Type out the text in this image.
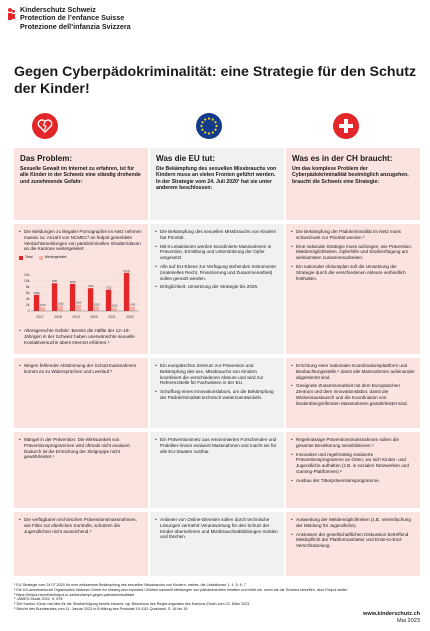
Kinderschutz Schweiz
Protection de l’enfance Suisse
Protezione dell’infanzia Svizzera
Gegen Cyberpädokriminalität: eine Strategie für den Schutz der Kinder!
Das Problem:

Sexuelle Gewalt im Internet zu erfahren, ist für alle Kinder in der Schweiz eine ständig drohende und zunehmende Gefahr:

Was die EU tut:

Die Bekämpfung des sexuellen Missbrauchs von Kindern muss an vielen Fronten geführt werden. In der Strategie vom 24. Juli 2020¹ hat sie unter anderem beschlossen:

Was es in der CH braucht:

Um das komplexe Problem der Cyberpädokriminalität bestmöglich anzugehen, braucht die Schweiz eine Strategie:

• Die Meldungen zu illegaler Pornographie im Netz nehmen massiv zu: Anzahl von NCMEC² an fedpol gemeldete Verdachtsmeldungen von pädokriminellen Inhalten/davon an die Kantone weitergeleitet:
Total	Weitergeleitet
0
2k
4k
6k
8k
10k
12k
5404
1270
2017
9251
1810
2018
9029
2099
2019
7602
1530
2020
7111
1150
2021
12727
1431
2022
• Altersgerechte Gefahr: Bereits die Hälfte der 12–19-Jährigen in der Schweiz haben unerwünschte sexuelle Kontaktversuche übers Internet erfahren.⁴
• Die Bekämpfung des sexuellen Missbrauchs von Kindern hat Priorität.
• Mit 8 Leitaktionen werden koordinierte Massnahmen in Prävention, Ermittlung und Unterstützung der Opfer umgesetzt.
• Alle auf EU-Ebene zur Verfügung stehenden Instrumente (materielles Recht, Finanzierung und Zusammenarbeit) sollen genutzt werden.
• Dringlichkeit: Umsetzung der Strategie bis 2025.
• Die Bekämpfung der Pädokriminalität im Netz muss schweizweit zur Priorität werden.⁵
• Eine nationale Strategie muss aufzeigen, wie Prävention, Meldemöglichkeiten, Opferhilfe und Strafverfolgung am wirksamsten zusammenarbeiten.
• Ein nationaler Aktionsplan soll die Umsetzung der Strategie durch die verschiedenen Akteure verbindlich festhalten.
• Wegen fehlender Abstimmung der Schutzmassnahmen kommt es zu Widersprüchen und Leerlauf.⁵
• Ein europäisches Zentrum zur Prävention und Bekämpfung des sex. Missbrauchs von Kindern koordiniert die verschiedenen Akteure und wird zur Referenzstelle für Fachwissen in der EU.
• Schaffung eines Innovationslabors, um die Bekämpfung der Pädokriminalität technisch weiterzuentwickeln.
• Errichtung einer nationalen Koordinationsplattform und Beobachtungsstelle,⁶ damit alle Massnahmen aufeinander abgestimmt sind.
• Geeignete Zusammenarbeit mit dem Europäischen Zentrum und dem Innovationslabor, damit der Wissensaustausch und die Koordination von länderübergreifenden Massnahmen gewährleistet sind.
• Mängel in der Prävention: Die Wirksamkeit von Präventionsprogrammen wird oftmals nicht evaluiert. Dadurch ist die Erreichung der Zielgruppe nicht gewährleistet.⁴
• Ein Präventionsnetz aus renommierten Forschenden und Praktiker-/innen evaluiert Massnahmen und macht sie für alle EU-Staaten nutzbar.
• Regelmässige Präventionsmassnahmen sollen die gesamte Bevölkerung sensibilisieren.⁵
• Innovative und regelmässig evaluierte Präventionsprogramme an Orten, wo sich Kinder- und Jugendliche aufhalten (z.B. in sozialen Netzwerken und Gaming-Plattformen).⁶
• Ausbau der Täterpräventionsprogramme.
• Die verfügbaren technischen Präventionsmassnahmen, wie Filter zur elterlichen Kontrolle, schützen die Jugendlichen nicht ausreichend.⁴
• Anbieter von Online-Diensten sollen durch technische Lösungen vermehrt Verantwortung für den Schutz der Kinder übernehmen und Missbrauchsabbildungen melden und löschen.
• Ausweitung der Meldemöglichkeiten (z.B. Vereinfachung der Meldung für Jugendliche).
• Anstossen der gesellschaftlichen Diskussion betreffend Meldepflicht der Plattformanbieter und Ende-to-End-Verschlüsselung.
¹ EU-Strategie vom 24.07.2020 für eine wirksamere Bekämpfung des sexuellen Missbrauchs von Kindern, insbes. die Leitaktionen 1, 4, 5, 6, 7
² Die US-amerikanische Organisation National Center for missing and exploited Children sammelt Meldungen von pädokriminellen Inhalten und leitet sie, wenn sie die Schweiz betreffen, dem Fedpol weiter.
³ https://fedpol.report/de/fedpol-in-zahlen/kampf-gegen-paedokriminalitaet
⁴ JAMES-Studie 2022, S. 67ff.
⁵ Der Kanton Zürich hat dies für die Strafverfolgung bereits erkannt: vgl. Beschluss des Regierungsrates des Kantons Zürich vom 22. März 2023.
⁶ Bericht des Bundesrates vom 11. Januar 2023 in Erfüllung des Postulats 19.4111 Quadranti, S. 18 bis 19.
www.kinderschutz.ch
Mai 2023
